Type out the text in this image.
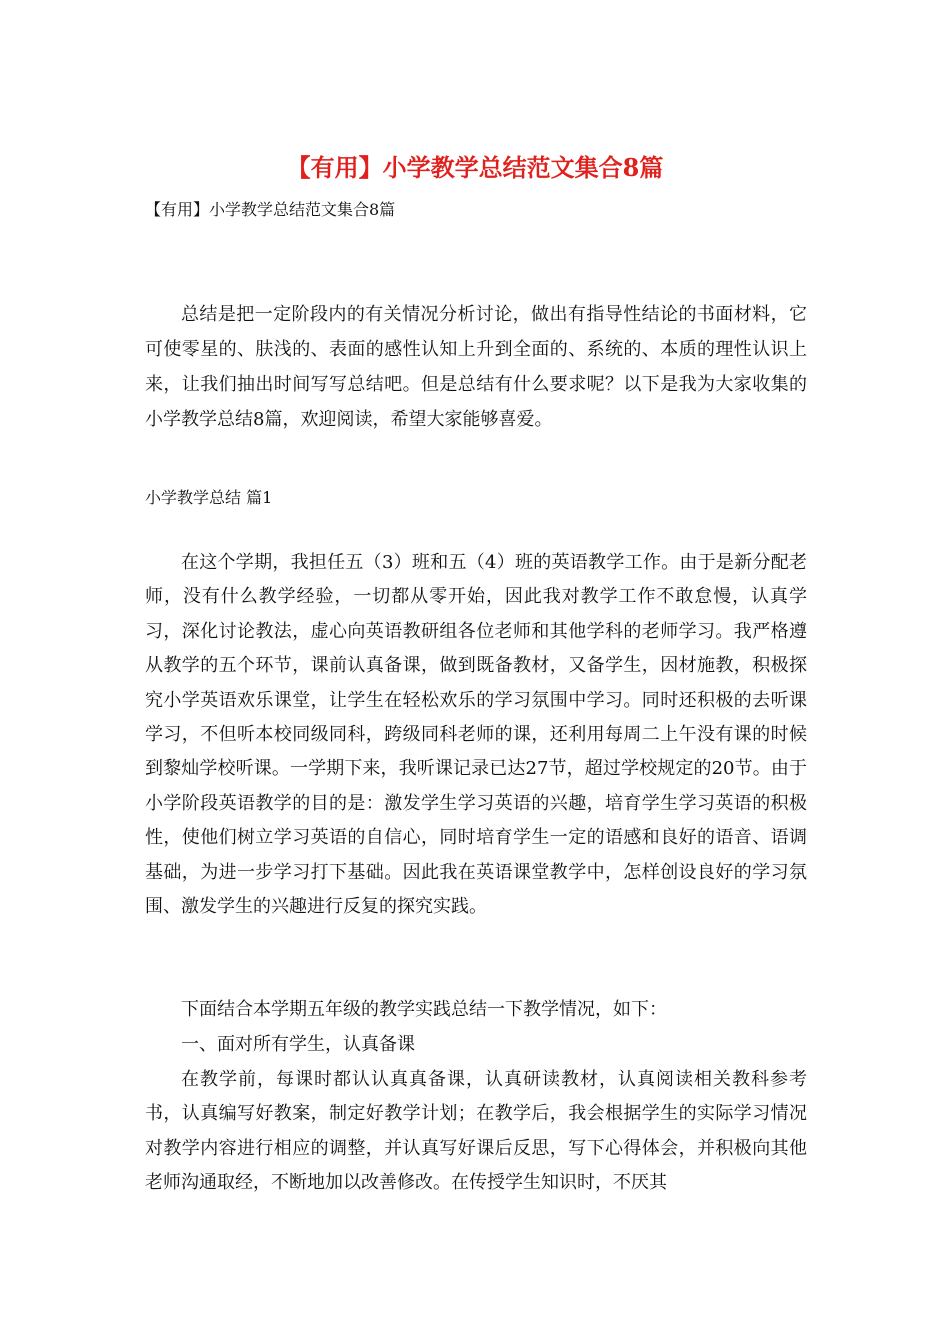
【有用】小学教学总结范文集合8篇

【有用】小学教学总结范文集合8篇

总结是把一定阶段内的有关情况分析讨论，做出有指导性结论的书面材料，它可使零星的、肤浅的、表面的感性认知上升到全面的、系统的、本质的理性认识上来，让我们抽出时间写写总结吧。但是总结有什么要求呢？以下是我为大家收集的小学教学总结8篇，欢迎阅读，希望大家能够喜爱。

小学教学总结 篇1

在这个学期，我担任五（3）班和五（4）班的英语教学工作。由于是新分配老师，没有什么教学经验，一切都从零开始，因此我对教学工作不敢怠慢，认真学习，深化讨论教法，虚心向英语教研组各位老师和其他学科的老师学习。我严格遵从教学的五个环节，课前认真备课，做到既备教材，又备学生，因材施教，积极探究小学英语欢乐课堂，让学生在轻松欢乐的学习氛围中学习。同时还积极的去听课学习，不但听本校同级同科，跨级同科老师的课，还利用每周二上午没有课的时候到黎灿学校听课。一学期下来，我听课记录已达27节，超过学校规定的20节。由于小学阶段英语教学的目的是：激发学生学习英语的兴趣，培育学生学习英语的积极性，使他们树立学习英语的自信心，同时培育学生一定的语感和良好的语音、语调基础，为进一步学习打下基础。因此我在英语课堂教学中，怎样创设良好的学习氛围、激发学生的兴趣进行反复的探究实践。

下面结合本学期五年级的教学实践总结一下教学情况，如下：

一、面对所有学生，认真备课

在教学前，每课时都认认真真备课，认真研读教材，认真阅读相关教科参考书，认真编写好教案，制定好教学计划；在教学后，我会根据学生的实际学习情况对教学内容进行相应的调整，并认真写好课后反思，写下心得体会，并积极向其他老师沟通取经，不断地加以改善修改。在传授学生知识时，不厌其
